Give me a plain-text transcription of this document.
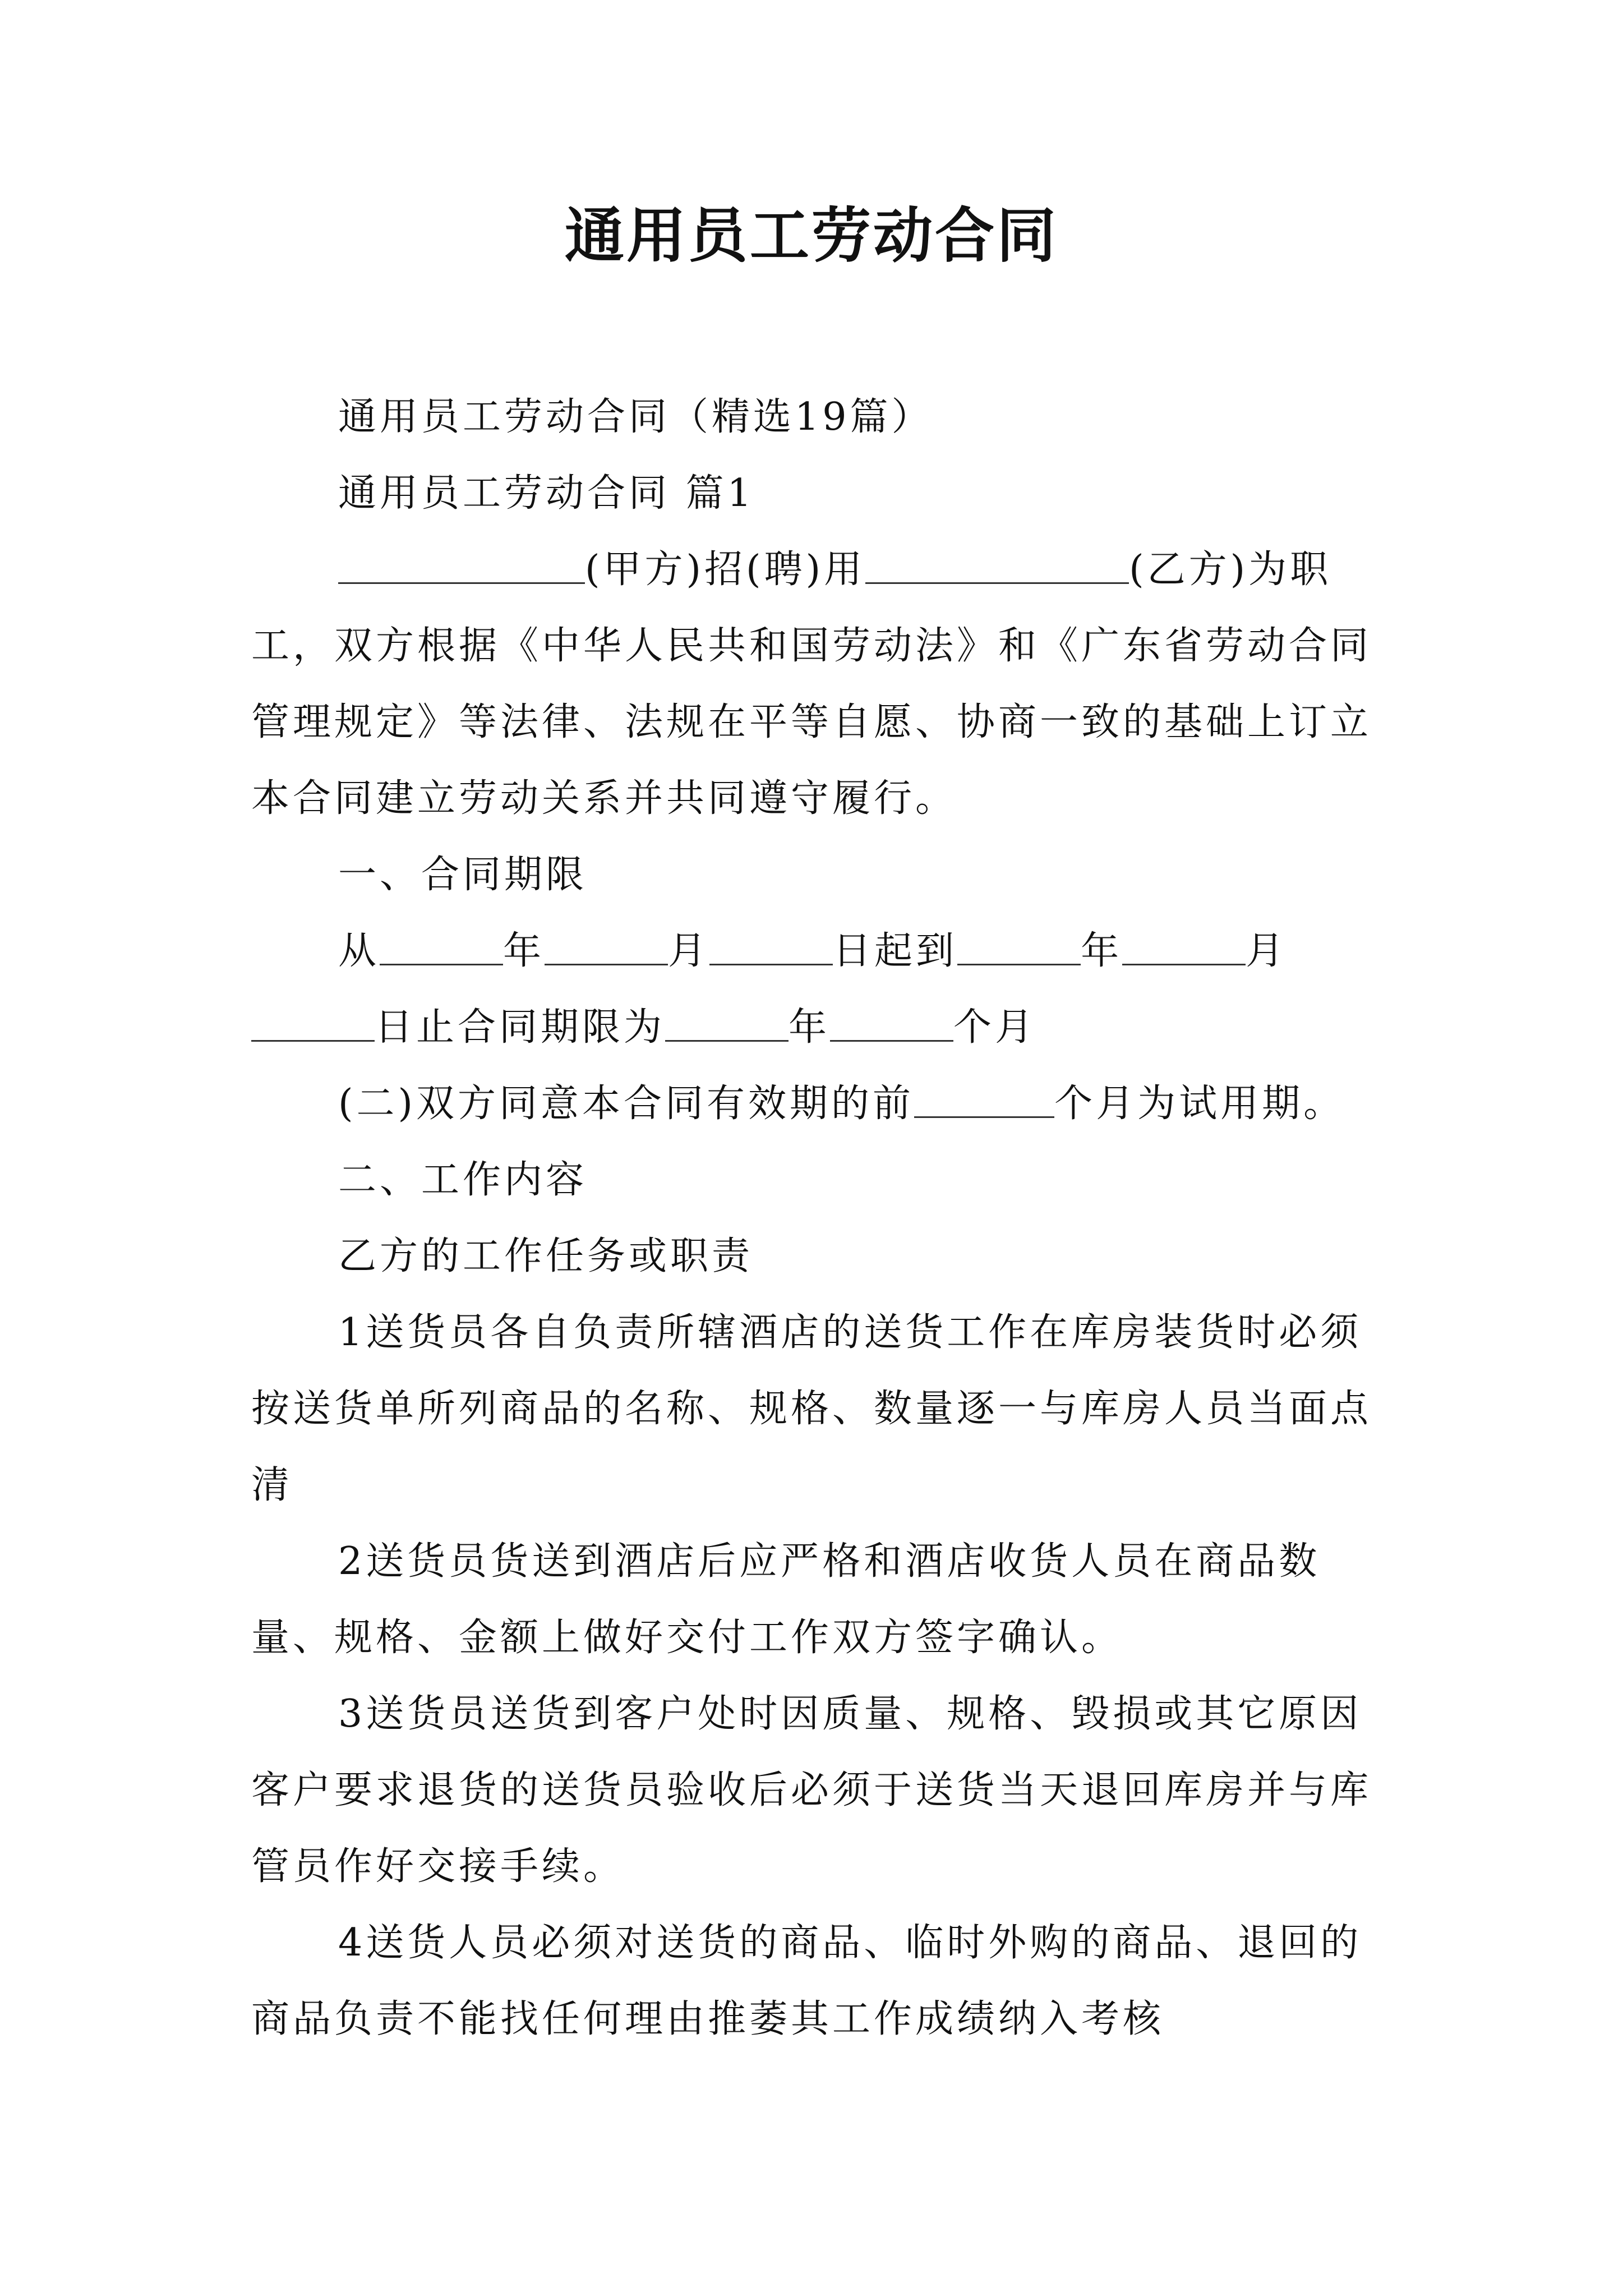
通用员工劳动合同

通用员工劳动合同（精选19篇）

通用员工劳动合同 篇1

(甲方)招(聘)用	(乙方)为职工，双方根据《中华人民共和国劳动法》和《广东省劳动合同管理规定》等法律、法规在平等自愿、协商一致的基础上订立本合同建立劳动关系并共同遵守履行。

一、合同期限

从	年	月	日起到	年	月日止合同期限为	年	个月

(二)双方同意本合同有效期的前	个月为试用期。

二、工作内容

乙方的工作任务或职责

1送货员各自负责所辖酒店的送货工作在库房装货时必须按送货单所列商品的名称、规格、数量逐一与库房人员当面点清

2送货员货送到酒店后应严格和酒店收货人员在商品数量、规格、金额上做好交付工作双方签字确认。

3送货员送货到客户处时因质量、规格、毁损或其它原因客户要求退货的送货员验收后必须于送货当天退回库房并与库管员作好交接手续。

4送货人员必须对送货的商品、临时外购的商品、退回的商品负责不能找任何理由推萎其工作成绩纳入考核
